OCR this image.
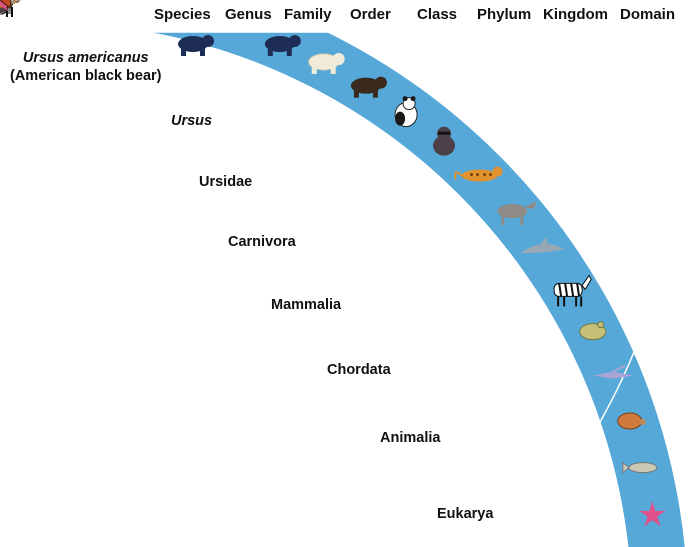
Species Genus Family Order Class Phylum Kingdom Domain
Ursus americanus
(American black bear)
Ursus
Ursidae
Carnivora
Mammalia
Chordata
Animalia
Eukarya
